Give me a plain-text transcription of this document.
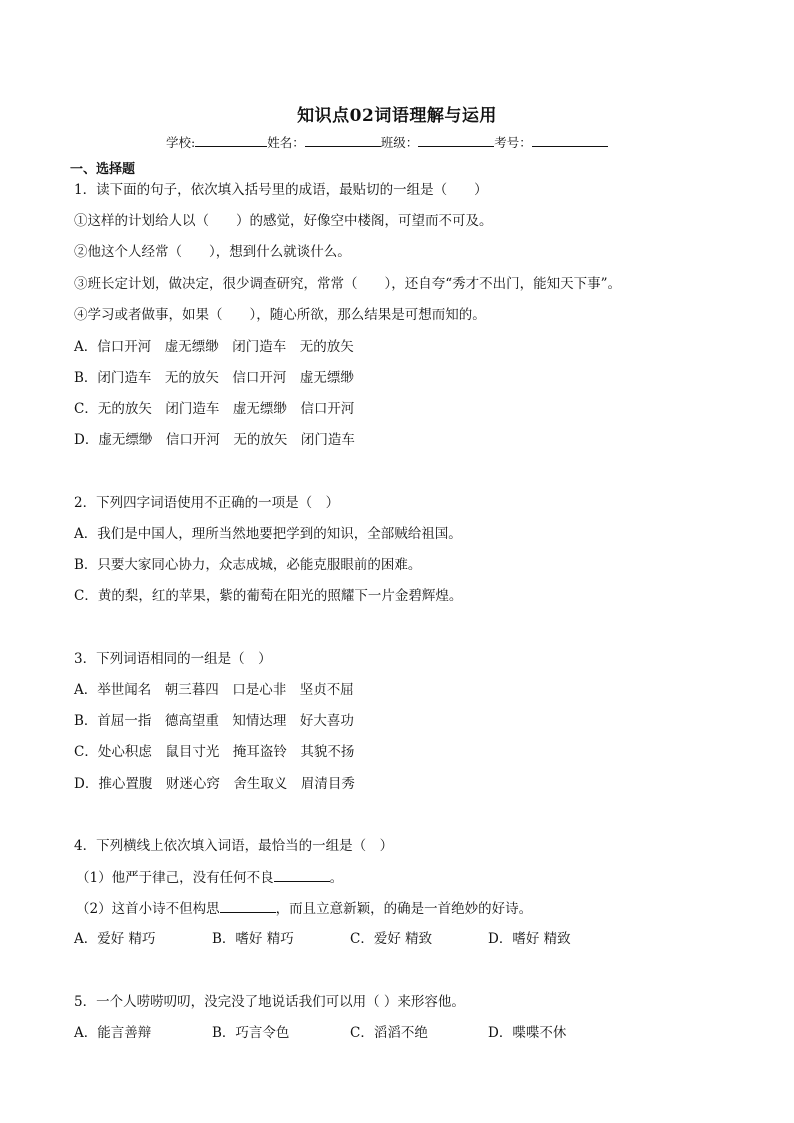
知识点02词语理解与运用
学校:	姓名：	班级：	考号：
一、选择题
1．读下面的句子，依次填入括号里的成语，最贴切的一组是（　　）
①这样的计划给人以（　　）的感觉，好像空中楼阁，可望而不可及。
②他这个人经常（　　），想到什么就谈什么。
③班长定计划，做决定，很少调查研究，常常（　　），还自夸“秀才不出门，能知天下事”。
④学习或者做事，如果（　　），随心所欲，那么结果是可想而知的。
A．信口开河　虚无缥缈　闭门造车　无的放矢
B．闭门造车　无的放矢　信口开河　虚无缥缈
C．无的放矢　闭门造车　虚无缥缈　信口开河
D．虚无缥缈　信口开河　无的放矢　闭门造车
2．下列四字词语使用不正确的一项是（　）
A．我们是中国人，理所当然地要把学到的知识，全部贼给祖国。
B．只要大家同心协力，众志成城，必能克服眼前的困难。
C．黄的梨，红的苹果，紫的葡萄在阳光的照耀下一片金碧辉煌。
3．下列词语相同的一组是（　）
A．举世闻名　朝三暮四　口是心非　坚贞不屈
B．首屈一指　德高望重　知情达理　好大喜功
C．处心积虑　鼠目寸光　掩耳盗铃　其貌不扬
D．推心置腹　财迷心窍　舍生取义　眉清目秀
4．下列横线上依次填入词语，最恰当的一组是（　）
（1）他严于律己，没有任何不良	。
（2）这首小诗不但构思	，而且立意新颖，的确是一首绝妙的好诗。
A．爱好 精巧	B．嗜好 精巧	C．爱好 精致	D．嗜好 精致
5．一个人唠唠叨叨，没完没了地说话我们可以用（ ）来形容他。
A．能言善辩	B．巧言令色	C．滔滔不绝	D．喋喋不休
